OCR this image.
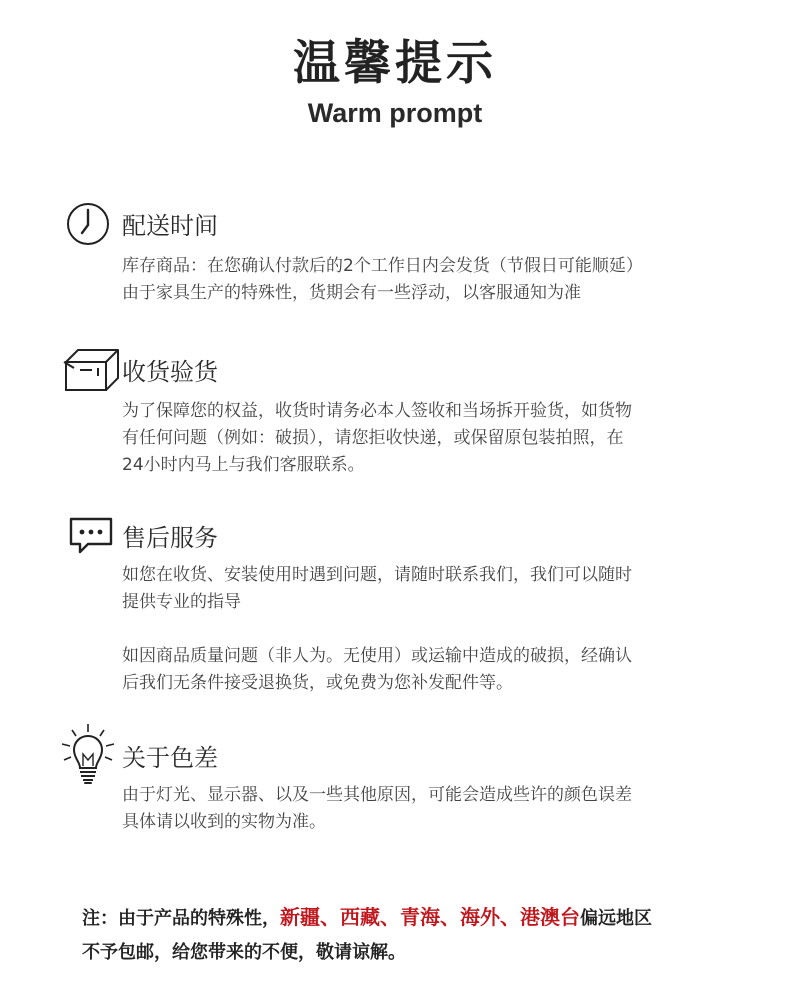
温馨提示
Warm prompt
配送时间

库存商品：在您确认付款后的2个工作日内会发货（节假日可能顺延）

由于家具生产的特殊性，货期会有一些浮动，以客服通知为准

收货验货

为了保障您的权益，收货时请务必本人签收和当场拆开验货，如货物

有任何问题（例如：破损），请您拒收快递，或保留原包装拍照，在

24小时内马上与我们客服联系。

售后服务

如您在收货、安装使用时遇到问题，请随时联系我们，我们可以随时

提供专业的指导

如因商品质量问题（非人为。无使用）或运输中造成的破损，经确认

后我们无条件接受退换货，或免费为您补发配件等。

关于色差

由于灯光、显示器、以及一些其他原因，可能会造成些许的颜色误差

具体请以收到的实物为准。

注：由于产品的特殊性，新疆、西藏、青海、海外、港澳台偏远地区

不予包邮，给您带来的不便，敬请谅解。
